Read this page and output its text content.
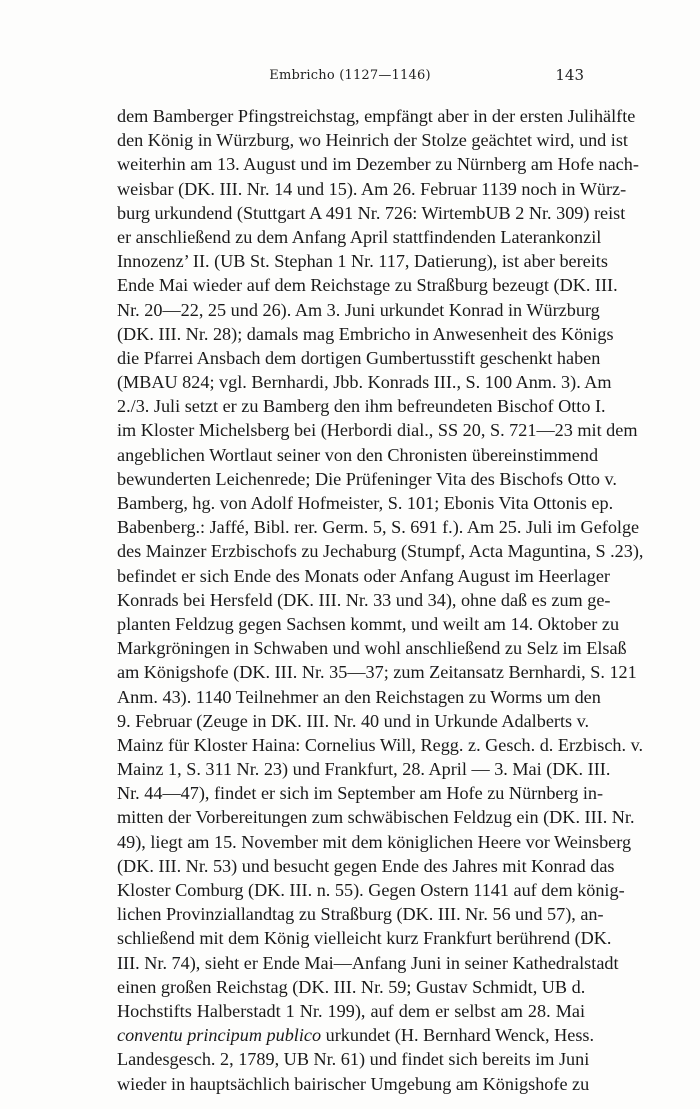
Embricho (1127—1146)	143
dem Bamberger Pfingstreichstag, empfängt aber in der ersten Julihälfte
den König in Würzburg, wo Heinrich der Stolze geächtet wird, und ist
weiterhin am 13. August und im Dezember zu Nürnberg am Hofe nach-
weisbar (DK. III. Nr. 14 und 15). Am 26. Februar 1139 noch in Würz-
burg urkundend (Stuttgart A 491 Nr. 726: WirtembUB 2 Nr. 309) reist
er anschließend zu dem Anfang April stattfindenden Laterankonzil
Innozenz’ II. (UB St. Stephan 1 Nr. 117, Datierung), ist aber bereits
Ende Mai wieder auf dem Reichstage zu Straßburg bezeugt (DK. III.
Nr. 20—22, 25 und 26). Am 3. Juni urkundet Konrad in Würzburg
(DK. III. Nr. 28); damals mag Embricho in Anwesenheit des Königs
die Pfarrei Ansbach dem dortigen Gumbertusstift geschenkt haben
(MBAU 824; vgl. Bernhardi, Jbb. Konrads III., S. 100 Anm. 3). Am
2./3. Juli setzt er zu Bamberg den ihm befreundeten Bischof Otto I.
im Kloster Michelsberg bei (Herbordi dial., SS 20, S. 721—23 mit dem
angeblichen Wortlaut seiner von den Chronisten übereinstimmend
bewunderten Leichenrede; Die Prüfeninger Vita des Bischofs Otto v.
Bamberg, hg. von Adolf Hofmeister, S. 101; Ebonis Vita Ottonis ep.
Babenberg.: Jaffé, Bibl. rer. Germ. 5, S. 691 f.). Am 25. Juli im Gefolge
des Mainzer Erzbischofs zu Jechaburg (Stumpf, Acta Maguntina, S .23),
befindet er sich Ende des Monats oder Anfang August im Heerlager
Konrads bei Hersfeld (DK. III. Nr. 33 und 34), ohne daß es zum ge-
planten Feldzug gegen Sachsen kommt, und weilt am 14. Oktober zu
Markgröningen in Schwaben und wohl anschließend zu Selz im Elsaß
am Königshofe (DK. III. Nr. 35—37; zum Zeitansatz Bernhardi, S. 121
Anm. 43). 1140 Teilnehmer an den Reichstagen zu Worms um den
9. Februar (Zeuge in DK. III. Nr. 40 und in Urkunde Adalberts v.
Mainz für Kloster Haina: Cornelius Will, Regg. z. Gesch. d. Erzbisch. v.
Mainz 1, S. 311 Nr. 23) und Frankfurt, 28. April — 3. Mai (DK. III.
Nr. 44—47), findet er sich im September am Hofe zu Nürnberg in-
mitten der Vorbereitungen zum schwäbischen Feldzug ein (DK. III. Nr.
49), liegt am 15. November mit dem königlichen Heere vor Weinsberg
(DK. III. Nr. 53) und besucht gegen Ende des Jahres mit Konrad das
Kloster Comburg (DK. III. n. 55). Gegen Ostern 1141 auf dem könig‑
lichen Provinziallandtag zu Straßburg (DK. III. Nr. 56 und 57), an-
schließend mit dem König vielleicht kurz Frankfurt berührend (DK.
III. Nr. 74), sieht er Ende Mai—Anfang Juni in seiner Kathedralstadt
einen großen Reichstag (DK. III. Nr. 59; Gustav Schmidt, UB d.
Hochstifts Halberstadt 1 Nr. 199), auf dem er selbst am 28. Mai
conventu principum publico urkundet (H. Bernhard Wenck, Hess.
Landesgesch. 2, 1789, UB Nr. 61) und findet sich bereits im Juni
wieder in hauptsächlich bairischer Umgebung am Königshofe zu
